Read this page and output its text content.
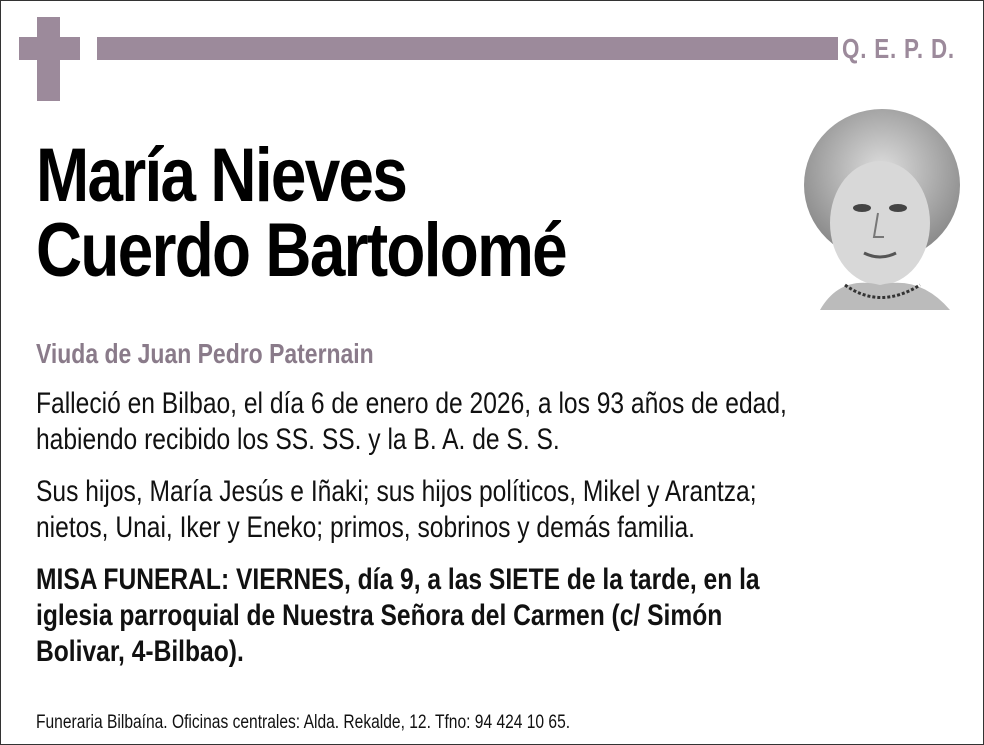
Q. E. P. D.
María Nieves
Cuerdo Bartolomé
Viuda de Juan Pedro Paternain
Falleció en Bilbao, el día 6 de enero de 2026, a los 93 años de edad,
habiendo recibido los SS. SS. y la B. A. de S. S.
Sus hijos, María Jesús e Iñaki; sus hijos políticos, Mikel y Arantza;
nietos, Unai, Iker y Eneko; primos, sobrinos y demás familia.
MISA FUNERAL: VIERNES, día 9, a las SIETE de la tarde, en la
iglesia parroquial de Nuestra Señora del Carmen (c/ Simón
Bolivar, 4-Bilbao).
Funeraria Bilbaína. Oficinas centrales: Alda. Rekalde, 12. Tfno: 94 424 10 65.
